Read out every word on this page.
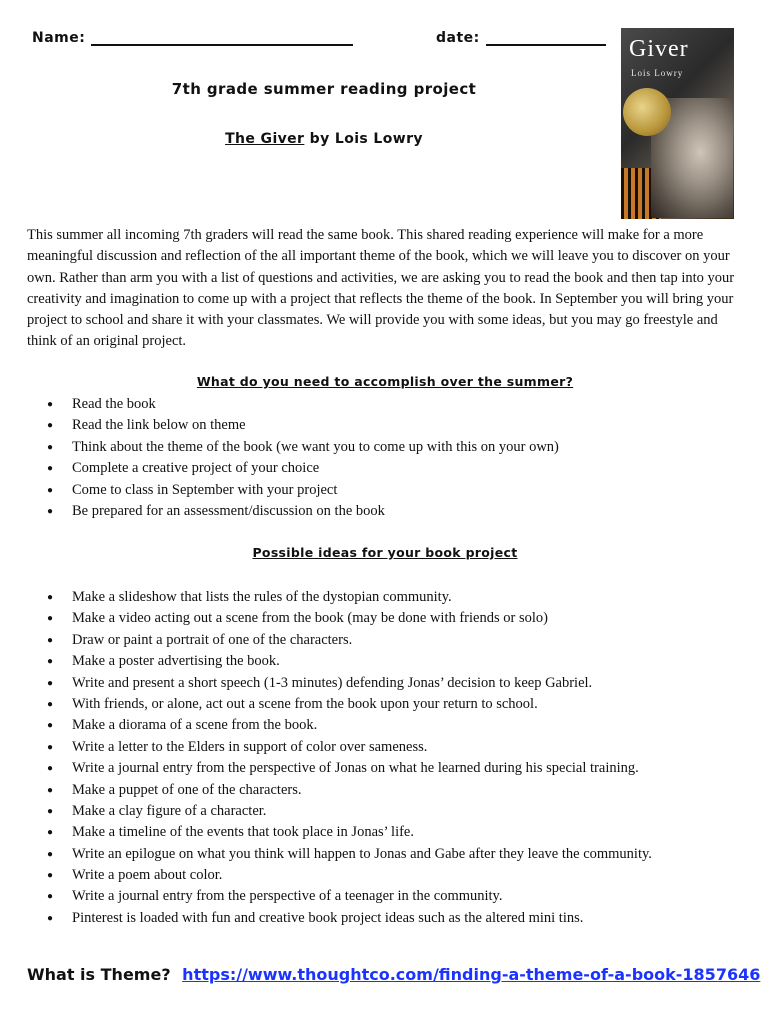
Name:	date:
7th grade summer reading project
The Giver by Lois Lowry
Giver
Lois Lowry

This summer all incoming 7th graders will read the same book. This shared reading experience will make for a more meaningful discussion and reflection of the all important theme of the book, which we will leave you to discover on your own. Rather than arm you with a list of questions and activities, we are asking you to read the book and then tap into your creativity and imagination to come up with a project that reflects the theme of the book. In September you will bring your project to school and share it with your classmates. We will provide you with some ideas, but you may go freestyle and think of an original project.

What do you need to accomplish over the summer?
● Read the book
● Read the link below on theme
● Think about the theme of the book (we want you to come up with this on your own)
● Complete a creative project of your choice
● Come to class in September with your project
● Be prepared for an assessment/discussion on the book
Possible ideas for your book project
● Make a slideshow that lists the rules of the dystopian community.
● Make a video acting out a scene from the book (may be done with friends or solo)
● Draw or paint a portrait of one of the characters.
● Make a poster advertising the book.
● Write and present a short speech (1-3 minutes) defending Jonas’ decision to keep Gabriel.
● With friends, or alone, act out a scene from the book upon your return to school.
● Make a diorama of a scene from the book.
● Write a letter to the Elders in support of color over sameness.
● Write a journal entry from the perspective of Jonas on what he learned during his special training.
● Make a puppet of one of the characters.
● Make a clay figure of a character.
● Make a timeline of the events that took place in Jonas’ life.
● Write an epilogue on what you think will happen to Jonas and Gabe after they leave the community.
● Write a poem about color.
● Write a journal entry from the perspective of a teenager in the community.
● Pinterest is loaded with fun and creative book project ideas such as the altered mini tins.
What is Theme? https://www.thoughtco.com/finding-a-theme-of-a-book-1857646
